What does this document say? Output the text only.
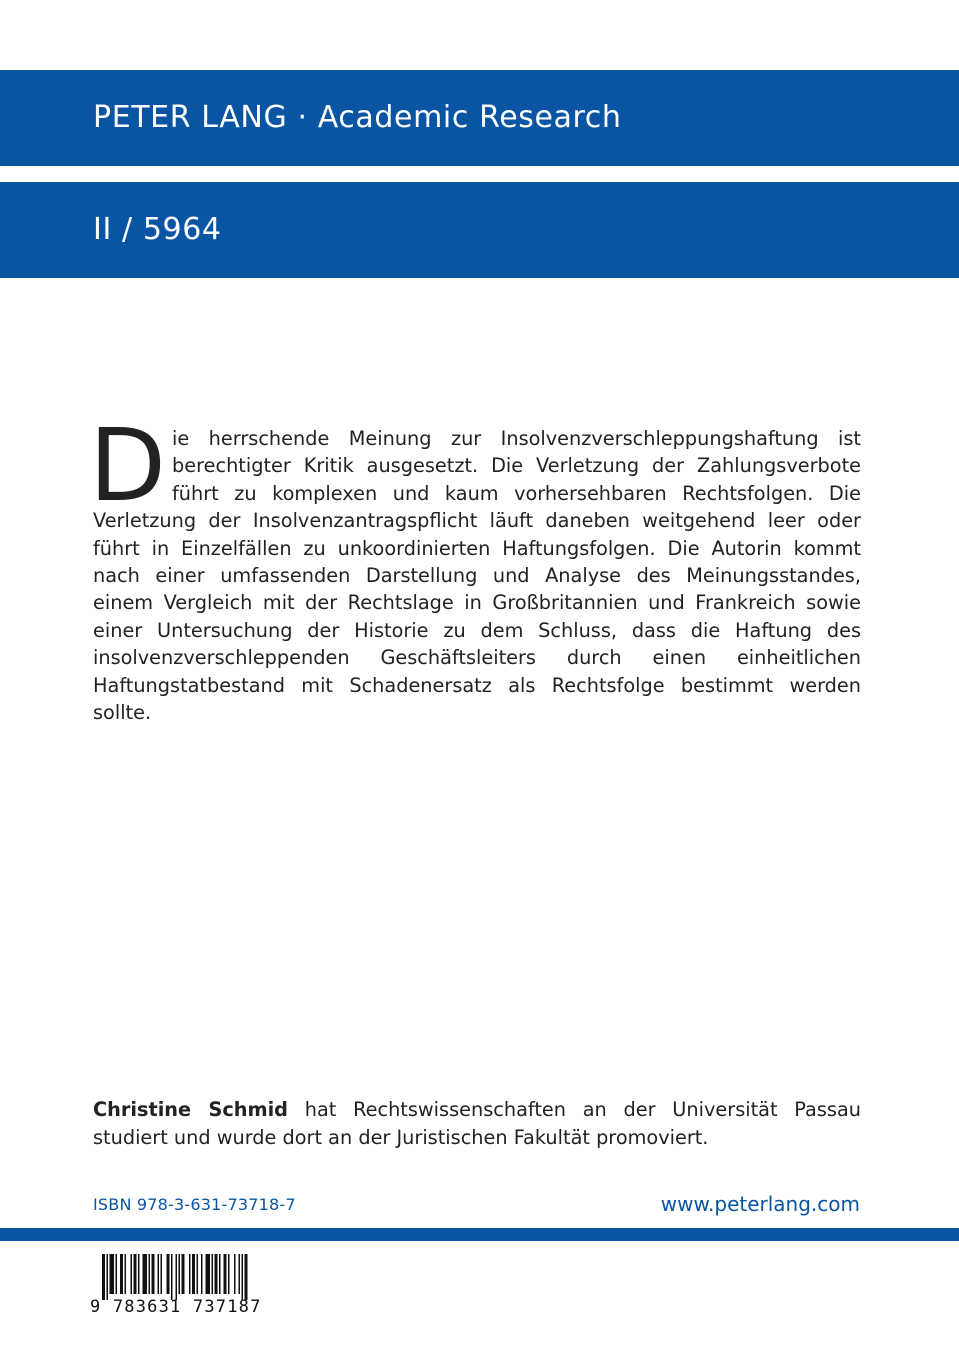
PETER LANG · Academic Research
II / 5964
D ie herrschende Meinung zur Insolvenzverschleppungshaftung ist berechtigter Kritik ausgesetzt. Die Verletzung der Zahlungsverbote führt zu komplexen und kaum vorhersehbaren Rechtsfolgen. Die Verletzung der Insolvenzantragspflicht läuft daneben weitgehend leer oder führt in Einzelfällen zu unkoordinierten Haftungsfolgen. Die Autorin kommt nach einer umfassenden Darstellung und Analyse des Meinungsstandes, einem Vergleich mit der Rechtslage in Großbritannien und Frankreich sowie einer Untersuchung der Historie zu dem Schluss, dass die Haftung des insolvenzverschleppenden Geschäftsleiters durch einen einheitlichen Haftungstatbestand mit Schadenersatz als Rechtsfolge bestimmt werden sollte.
Christine Schmid hat Rechtswissenschaften an der Universität Passau studiert und wurde dort an der Juristischen Fakultät promoviert.
ISBN 978-3-631-73718-7	www.peterlang.com
9 783631 737187
